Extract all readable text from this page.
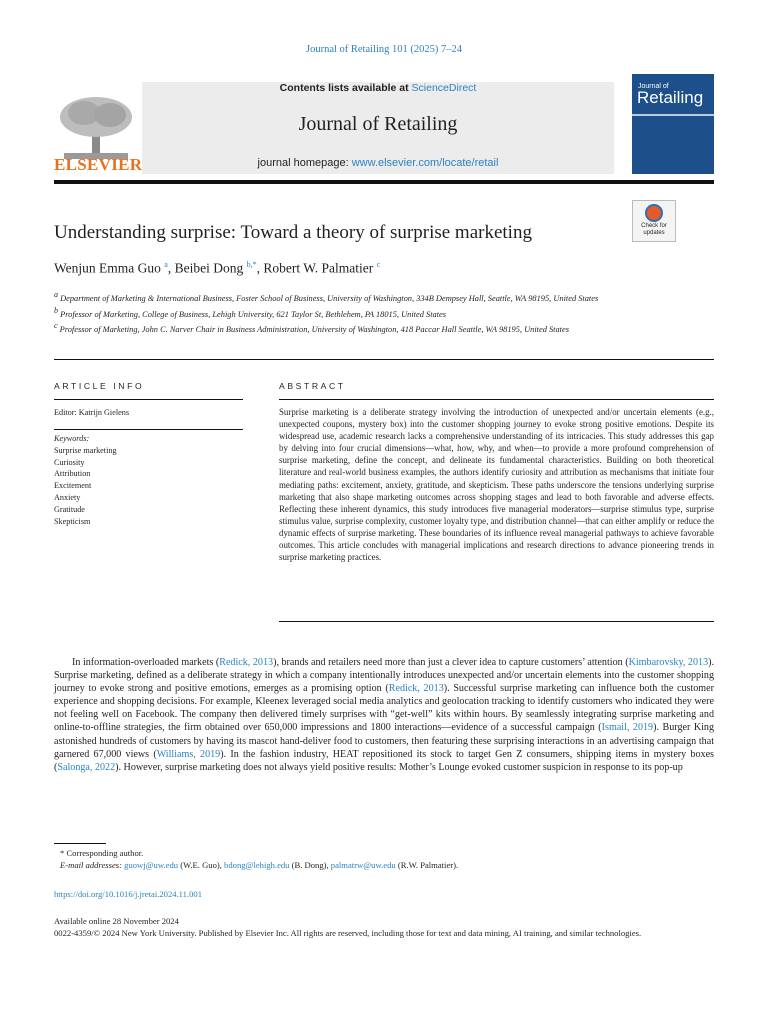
Journal of Retailing 101 (2025) 7–24
ELSEVIER
Contents lists available at ScienceDirect
Journal of Retailing
journal homepage: www.elsevier.com/locate/retail
Journal of
Retailing
Understanding surprise: Toward a theory of surprise marketing	Check for
updates
Wenjun Emma Guo $^a$, Beibei Dong $^{b,*}$, Robert W. Palmatier $^c$
$^a$ Department of Marketing & International Business, Foster School of Business, University of Washington, 334B Dempsey Hall, Seattle, WA 98195, United States
$^b$ Professor of Marketing, College of Business, Lehigh University, 621 Taylor St, Bethlehem, PA 18015, United States
$^c$ Professor of Marketing, John C. Narver Chair in Business Administration, University of Washington, 418 Paccar Hall Seattle, WA 98195, United States
ARTICLE INFO	ABSTRACT
Editor: Katrijn Gielens
Keywords:
Surprise marketing
Curiosity
Attribution
Excitement
Anxiety
Gratitude
Skepticism
Surprise marketing is a deliberate strategy involving the introduction of unexpected and/or uncertain elements (e.g., unexpected coupons, mystery box) into the customer shopping journey to evoke strong positive emotions. Despite its widespread use, academic research lacks a comprehensive understanding of its intricacies. This study addresses this gap by delving into four crucial dimensions—what, how, why, and when—to provide a more profound comprehension of surprise marketing, define the concept, and delineate its fundamental characteristics. Building on both theoretical literature and real-world business examples, the authors identify curiosity and attribution as mechanisms that initiate four mediating paths: excitement, anxiety, gratitude, and skepticism. These paths underscore the tensions underlying surprise marketing that also shape marketing outcomes across shopping stages and lead to both favorable and adverse effects. Reflecting these inherent dynamics, this study introduces five managerial moderators—surprise stimulus type, surprise stimulus value, surprise complexity, customer loyalty type, and distribution channel—that can either amplify or reduce the dynamic effects of surprise marketing. These boundaries of its influence reveal managerial pathways to achieve favorable outcomes. This article concludes with managerial implications and research directions to advance pioneering trends in surprise marketing practices.
In information-overloaded markets (Redick, 2013), brands and retailers need more than just a clever idea to capture customers’ attention (Kimbarovsky, 2013). Surprise marketing, defined as a deliberate strategy in which a company intentionally introduces unexpected and/or uncertain elements into the customer shopping journey to evoke strong and positive emotions, emerges as a promising option (Redick, 2013). Successful surprise marketing can influence both the customer experience and shopping decisions. For example, Kleenex leveraged social media analytics and geolocation tracking to identify customers who indicated they were not feeling well on Facebook. The company then delivered timely surprises with “get-well” kits within hours. By seamlessly integrating surprise marketing and online-to-offline strategies, the firm obtained over 650,000 impressions and 1800 interactions—evidence of a successful campaign (Ismail, 2019). Burger King astonished hundreds of customers by having its mascot hand-deliver food to customers, then featuring these surprising interactions in an advertising campaign that garnered 67,000 views (Williams, 2019). In the fashion industry, HEAT repositioned its stock to target Gen Z consumers, shipping items in mystery boxes (Salonga, 2022). However, surprise marketing does not always yield positive results: Mother’s Lounge evoked customer suspicion in response to its pop-up
* Corresponding author.
E-mail addresses: guowj@uw.edu (W.E. Guo), bdong@lehigh.edu (B. Dong), palmatrw@uw.edu (R.W. Palmatier).
https://doi.org/10.1016/j.jretai.2024.11.001
Available online 28 November 2024
0022-4359/© 2024 New York University. Published by Elsevier Inc. All rights are reserved, including those for text and data mining, AI training, and similar technologies.
